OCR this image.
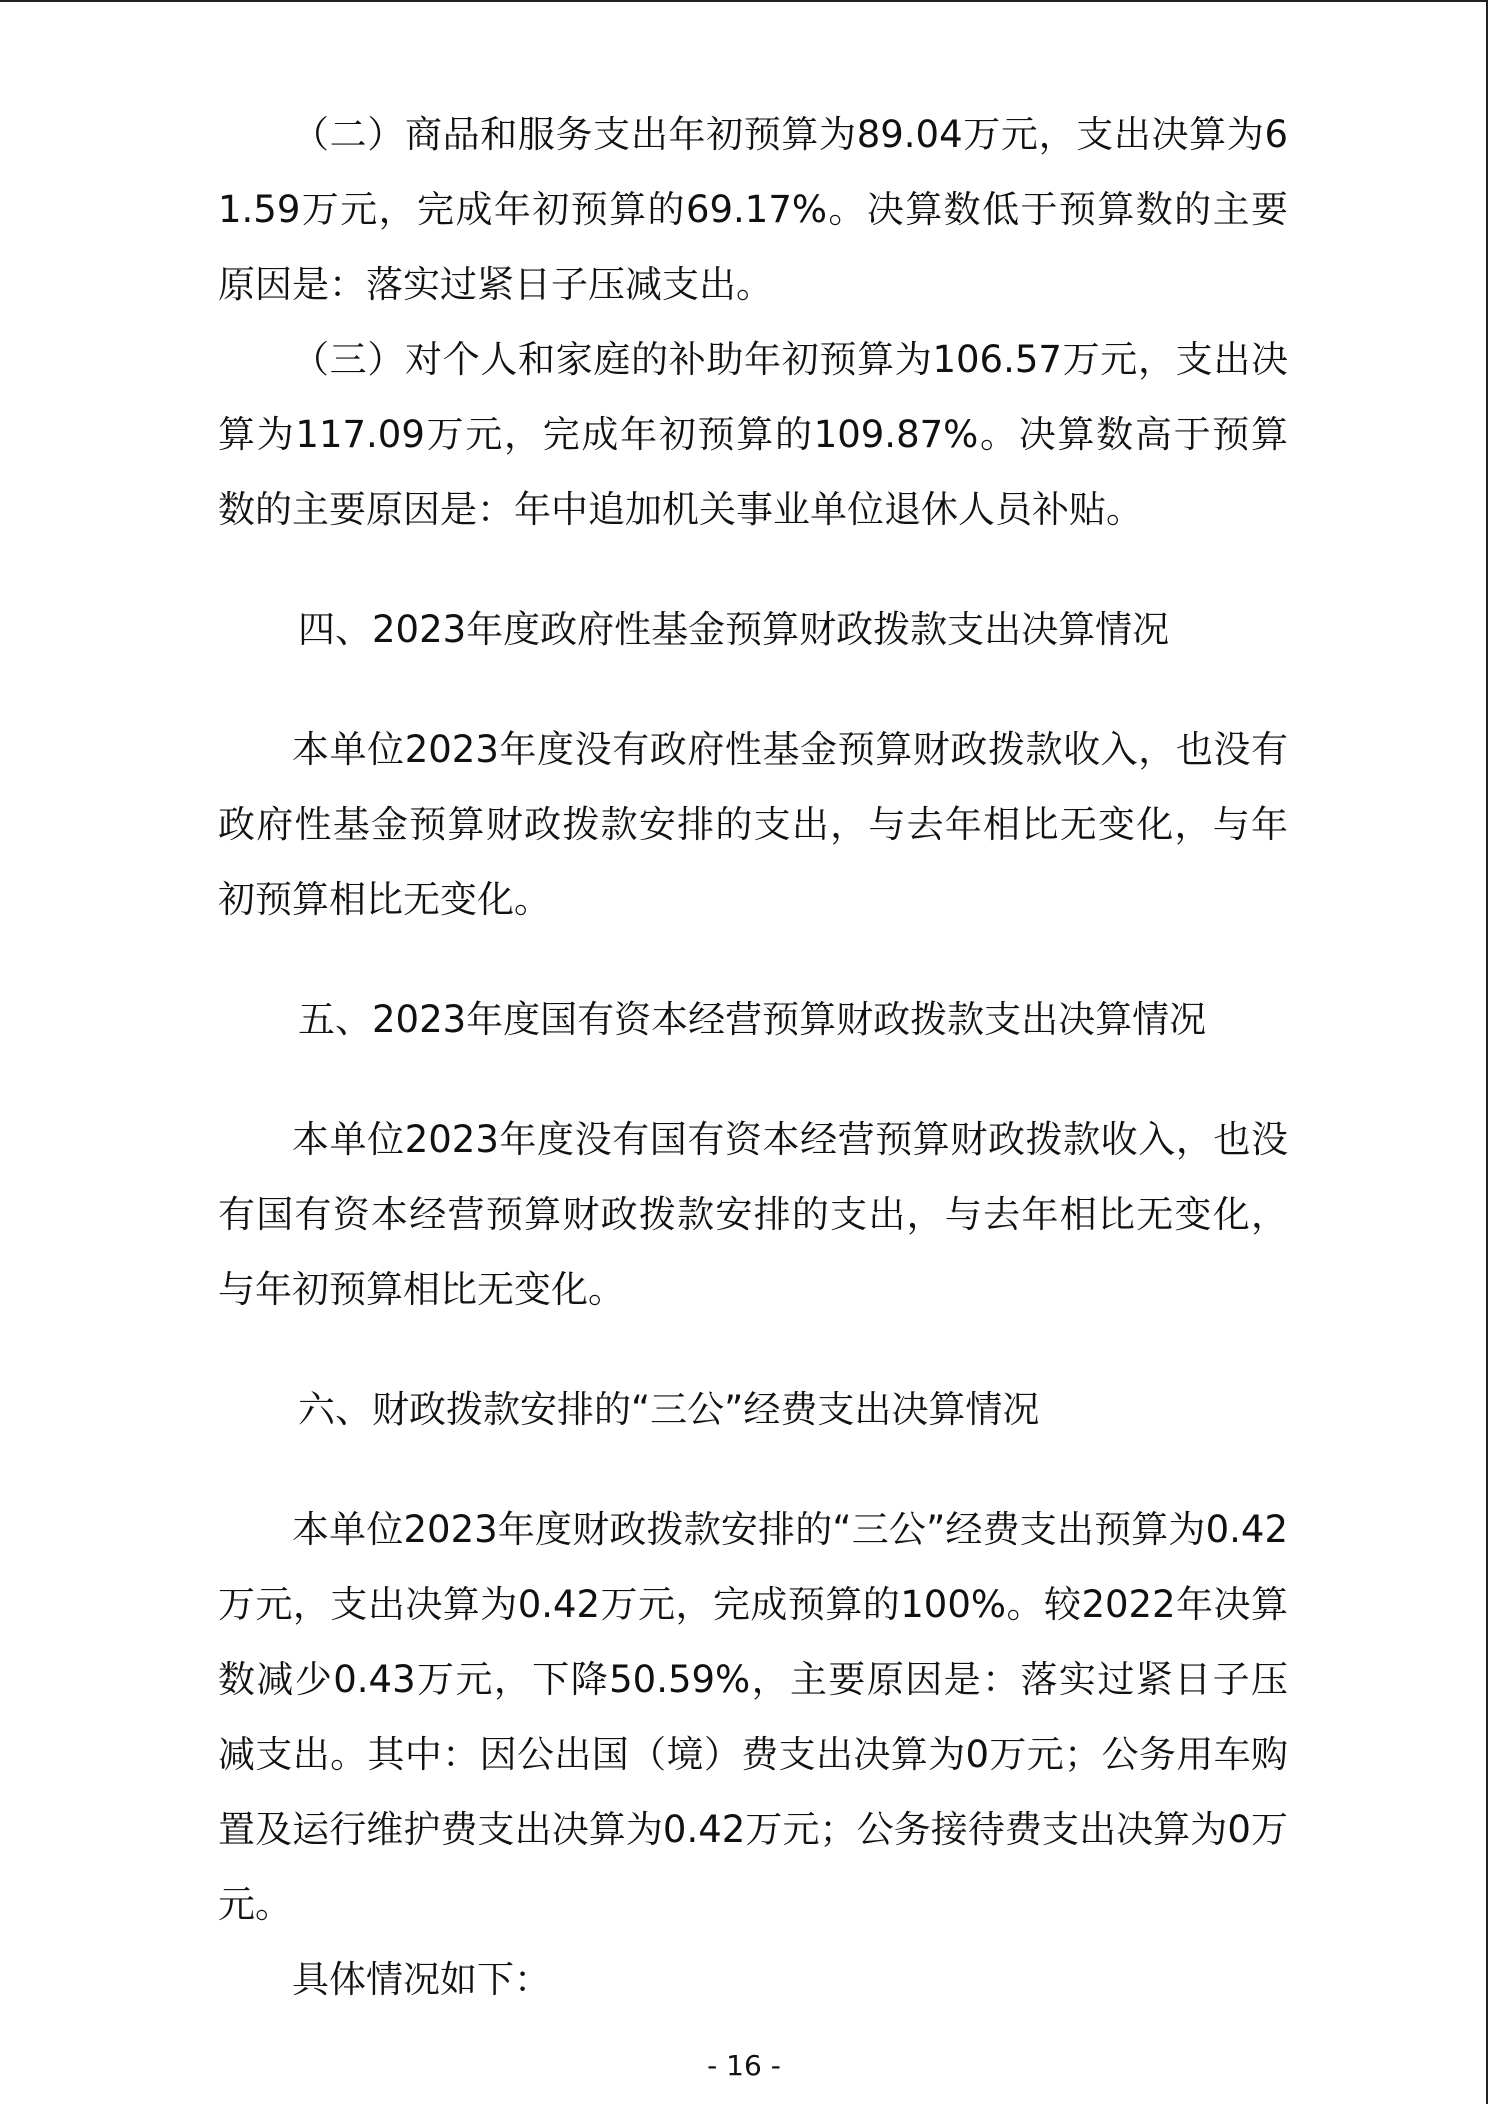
（二）商品和服务支出年初预算为89.04万元，支出决算为61.59万元，完成年初预算的69.17%。决算数低于预算数的主要原因是：落实过紧日子压减支出。

（三）对个人和家庭的补助年初预算为106.57万元，支出决算为117.09万元，完成年初预算的109.87%。决算数高于预算数的主要原因是：年中追加机关事业单位退休人员补贴。

四、2023年度政府性基金预算财政拨款支出决算情况

本单位2023年度没有政府性基金预算财政拨款收入，也没有政府性基金预算财政拨款安排的支出，与去年相比无变化，与年初预算相比无变化。

五、2023年度国有资本经营预算财政拨款支出决算情况

本单位2023年度没有国有资本经营预算财政拨款收入，也没有国有资本经营预算财政拨款安排的支出，与去年相比无变化，与年初预算相比无变化。

六、财政拨款安排的“三公”经费支出决算情况

本单位2023年度财政拨款安排的“三公”经费支出预算为0.42万元，支出决算为0.42万元，完成预算的100%。较2022年决算数减少0.43万元，下降50.59%，主要原因是：落实过紧日子压减支出。其中：因公出国（境）费支出决算为0万元；公务用车购置及运行维护费支出决算为0.42万元；公务接待费支出决算为0万元。

具体情况如下：

- 16 -
